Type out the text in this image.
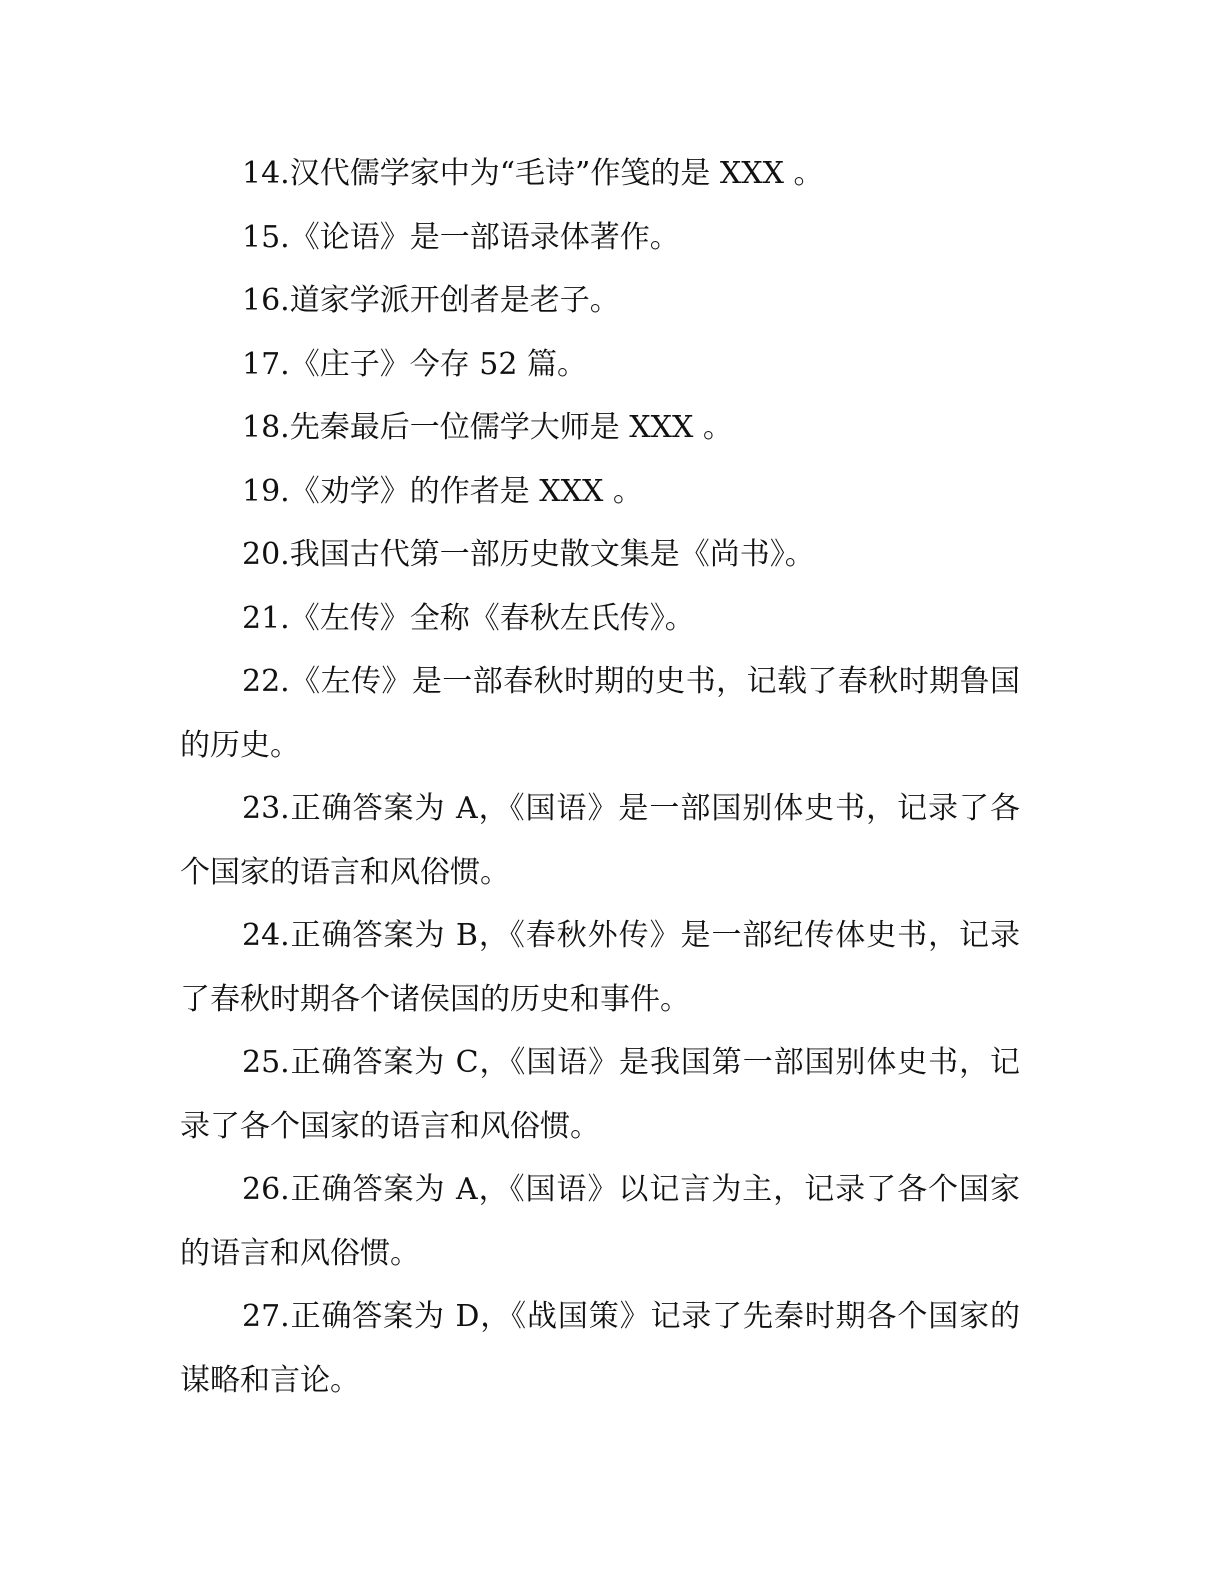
14.汉代儒学家中为“毛诗”作笺的是 XXX 。

15.《论语》是一部语录体著作。

16.道家学派开创者是老子。

17.《庄子》今存 52 篇。

18.先秦最后一位儒学大师是 XXX 。

19.《劝学》的作者是 XXX 。

20.我国古代第一部历史散文集是《尚书》。

21.《左传》全称《春秋左氏传》。

22.《左传》是一部春秋时期的史书，记载了春秋时期鲁国的历史。

23.正确答案为 A，《国语》是一部国别体史书，记录了各个国家的语言和风俗惯。

24.正确答案为 B，《春秋外传》是一部纪传体史书，记录了春秋时期各个诸侯国的历史和事件。

25.正确答案为 C，《国语》是我国第一部国别体史书，记录了各个国家的语言和风俗惯。

26.正确答案为 A，《国语》以记言为主，记录了各个国家的语言和风俗惯。

27.正确答案为 D，《战国策》记录了先秦时期各个国家的谋略和言论。
